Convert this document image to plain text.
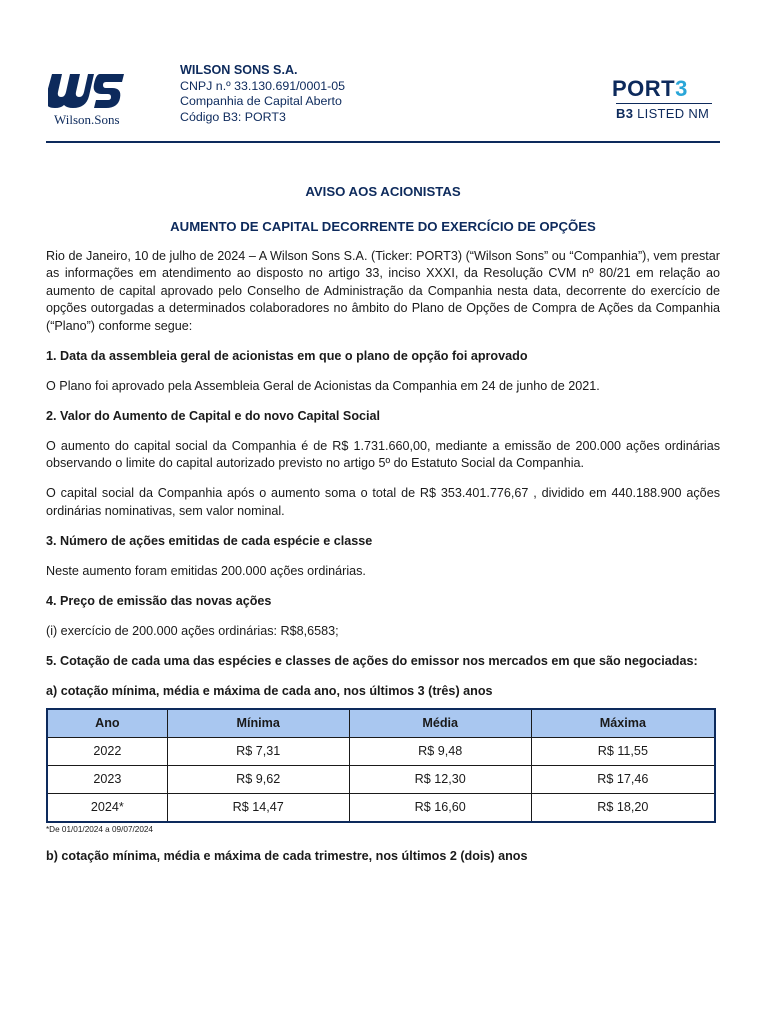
Wilson.Sons
WILSON SONS S.A.
CNPJ n.º 33.130.691/0001-05
Companhia de Capital Aberto
Código B3: PORT3
PORT3
B3 LISTED NM

AVISO AOS ACIONISTAS

AUMENTO DE CAPITAL DECORRENTE DO EXERCÍCIO DE OPÇÕES

Rio de Janeiro, 10 de julho de 2024 – A Wilson Sons S.A. (Ticker: PORT3) (“Wilson Sons” ou “Companhia”), vem prestar as informações em atendimento ao disposto no artigo 33, inciso XXXI, da Resolução CVM nº 80/21 em relação ao aumento de capital aprovado pelo Conselho de Administração da Companhia nesta data, decorrente do exercício de opções outorgadas a determinados colaboradores no âmbito do Plano de Opções de Compra de Ações da Companhia (“Plano”) conforme segue:

1. Data da assembleia geral de acionistas em que o plano de opção foi aprovado

O Plano foi aprovado pela Assembleia Geral de Acionistas da Companhia em 24 de junho de 2021.

2. Valor do Aumento de Capital e do novo Capital Social

O aumento do capital social da Companhia é de R$ 1.731.660,00, mediante a emissão de 200.000 ações ordinárias observando o limite do capital autorizado previsto no artigo 5º do Estatuto Social da Companhia.

O capital social da Companhia após o aumento soma o total de R$ 353.401.776,67 , dividido em 440.188.900 ações ordinárias nominativas, sem valor nominal.

3. Número de ações emitidas de cada espécie e classe

Neste aumento foram emitidas 200.000 ações ordinárias.

4. Preço de emissão das novas ações

(i) exercício de 200.000 ações ordinárias: R$8,6583;

5. Cotação de cada uma das espécies e classes de ações do emissor nos mercados em que são negociadas:

a) cotação mínima, média e máxima de cada ano, nos últimos 3 (três) anos

Ano	Mínima	Média	Máxima
2022	R$ 7,31	R$ 9,48	R$ 11,55
2023	R$ 9,62	R$ 12,30	R$ 17,46
2024*	R$ 14,47	R$ 16,60	R$ 18,20
*De 01/01/2024 a 09/07/2024

b) cotação mínima, média e máxima de cada trimestre, nos últimos 2 (dois) anos
